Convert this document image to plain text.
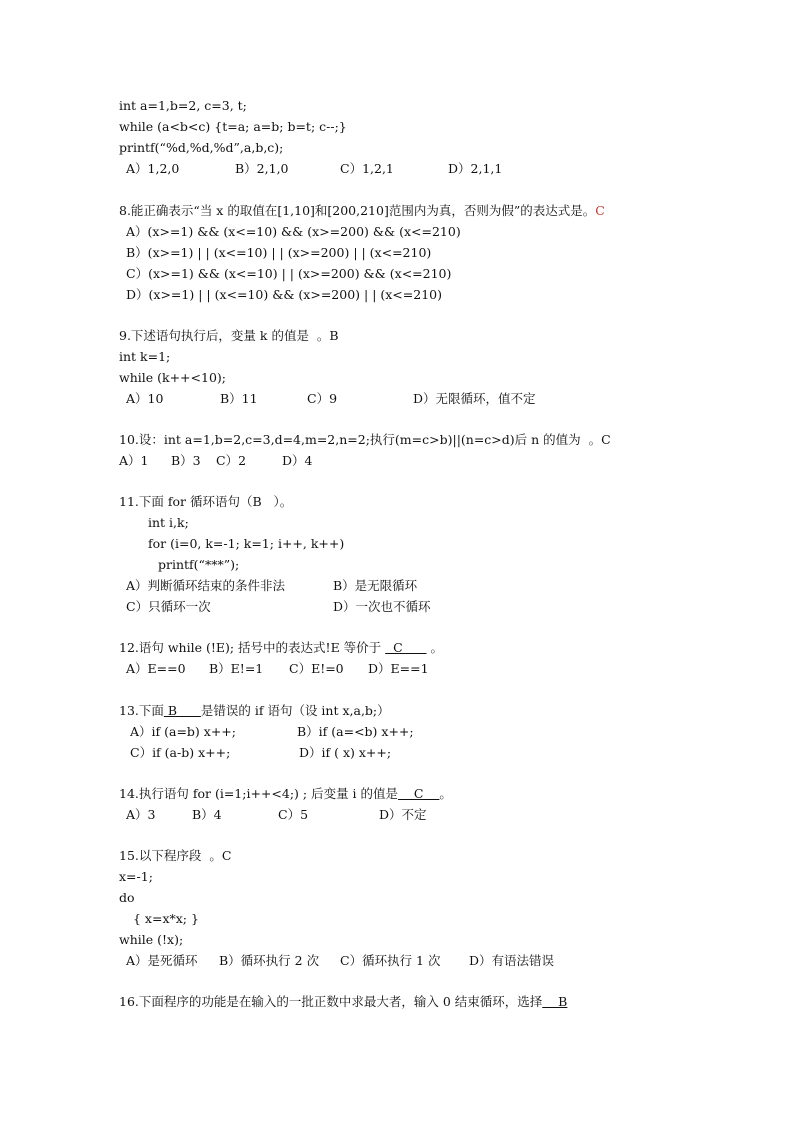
int a=1,b=2, c=3, t;
while (a<b<c) {t=a; a=b; b=t; c--;}
printf(“%d,%d,%d”,a,b,c);
A）1,2,0	B）2,1,0	C）1,2,1	D）2,1,1
8.能正确表示“当 x 的取值在[1,10]和[200,210]范围内为真，否则为假”的表达式是。C
A）(x>=1) && (x<=10) && (x>=200) && (x<=210)
B）(x>=1) | | (x<=10) | | (x>=200) | | (x<=210)
C）(x>=1) && (x<=10) | | (x>=200) && (x<=210)
D）(x>=1) | | (x<=10) && (x>=200) | | (x<=210)
9.下述语句执行后，变量 k 的值是  。B
int k=1;
while (k++<10);
A）10	B）11	C）9	D）无限循环，值不定
10.设：int a=1,b=2,c=3,d=4,m=2,n=2;执行(m=c>b)||(n=c>d)后 n 的值为  。C
A）1 B）3 C）2	D）4
11.下面 for 循环语句（B   ）。
int i,k;
for (i=0, k=-1; k=1; i++, k++)
printf(“***”);
A）判断循环结束的条件非法	B）是无限循环
C）只循环一次	D）一次也不循环
12.语句 while (!E); 括号中的表达式!E 等价于   C       。
A）E==0 B）E!=1 C）E!=0 D）E==1
13.下面 B      是错误的 if 语句（设 int x,a,b;）
A）if (a=b) x++;	B）if (a=<b) x++;
C）if (a-b) x++;	D）if ( x) x++;
14.执行语句 for (i=1;i++<4;) ; 后变量 i 的值是    C    。
A）3	B）4	C）5	D）不定
15.以下程序段  。C
x=-1;
do
{ x=x*x; }
while (!x);
A）是死循环 B）循环执行 2 次 C）循环执行 1 次 D）有语法错误
16.下面程序的功能是在输入的一批正数中求最大者，输入 0 结束循环，选择    B
